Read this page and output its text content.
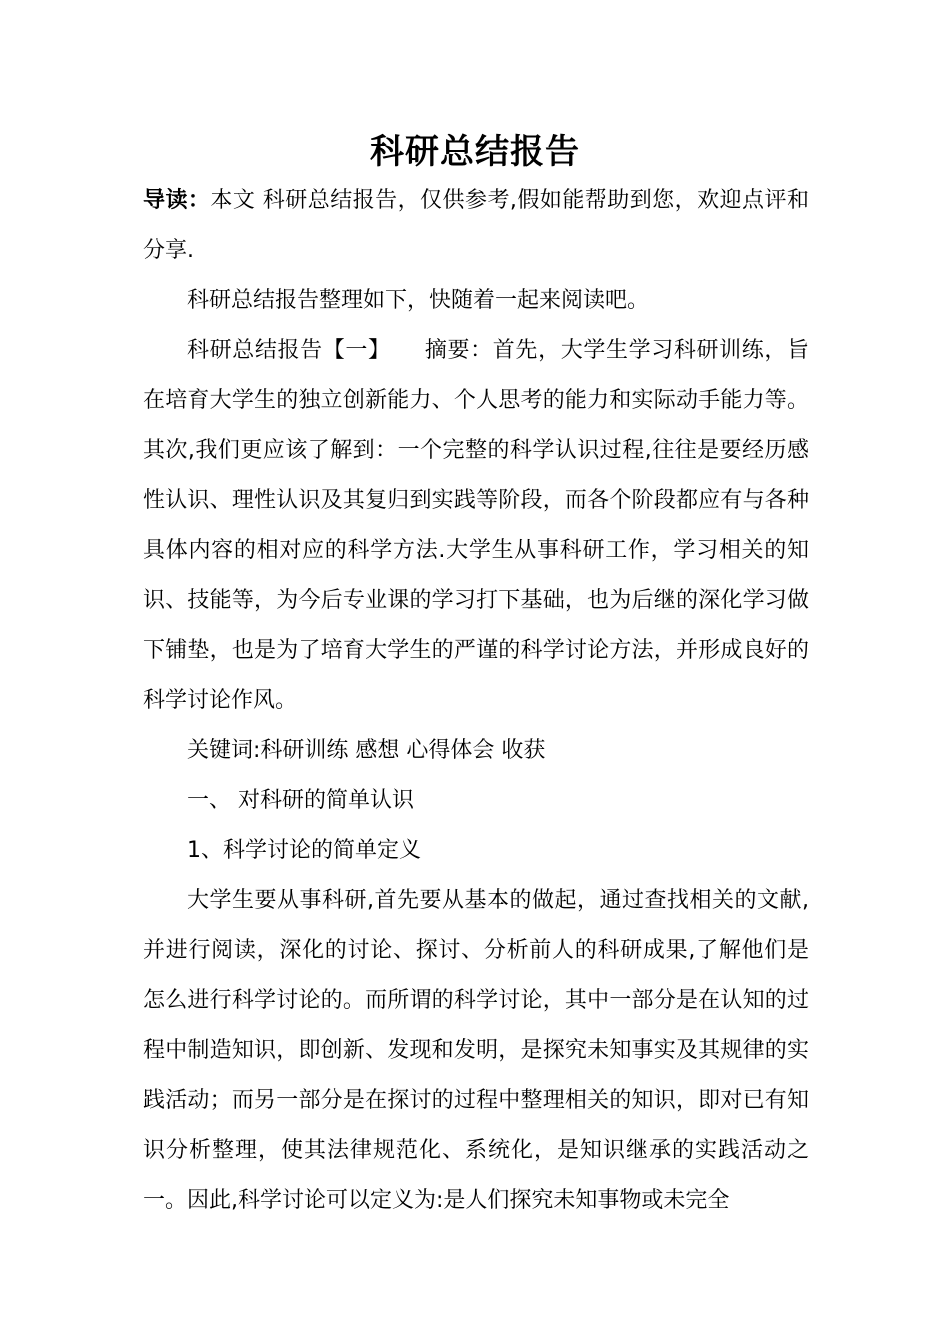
科研总结报告

导读：本文 科研总结报告，仅供参考,假如能帮助到您，欢迎点评和分享.

科研总结报告整理如下，快随着一起来阅读吧。

科研总结报告【一】　　摘要：首先，大学生学习科研训练，旨在培育大学生的独立创新能力、个人思考的能力和实际动手能力等。其次,我们更应该了解到：一个完整的科学认识过程,往往是要经历感性认识、理性认识及其复归到实践等阶段，而各个阶段都应有与各种具体内容的相对应的科学方法.大学生从事科研工作，学习相关的知识、技能等，为今后专业课的学习打下基础，也为后继的深化学习做下铺垫，也是为了培育大学生的严谨的科学讨论方法，并形成良好的科学讨论作风。

关键词:科研训练 感想 心得体会 收获

一、 对科研的简单认识

1、科学讨论的简单定义

大学生要从事科研,首先要从基本的做起，通过查找相关的文献,并进行阅读，深化的讨论、探讨、分析前人的科研成果,了解他们是怎么进行科学讨论的。而所谓的科学讨论，其中一部分是在认知的过程中制造知识，即创新、发现和发明，是探究未知事实及其规律的实践活动；而另一部分是在探讨的过程中整理相关的知识，即对已有知识分析整理，使其法律规范化、系统化，是知识继承的实践活动之一。因此,科学讨论可以定义为:是人们探究未知事物或未完全
